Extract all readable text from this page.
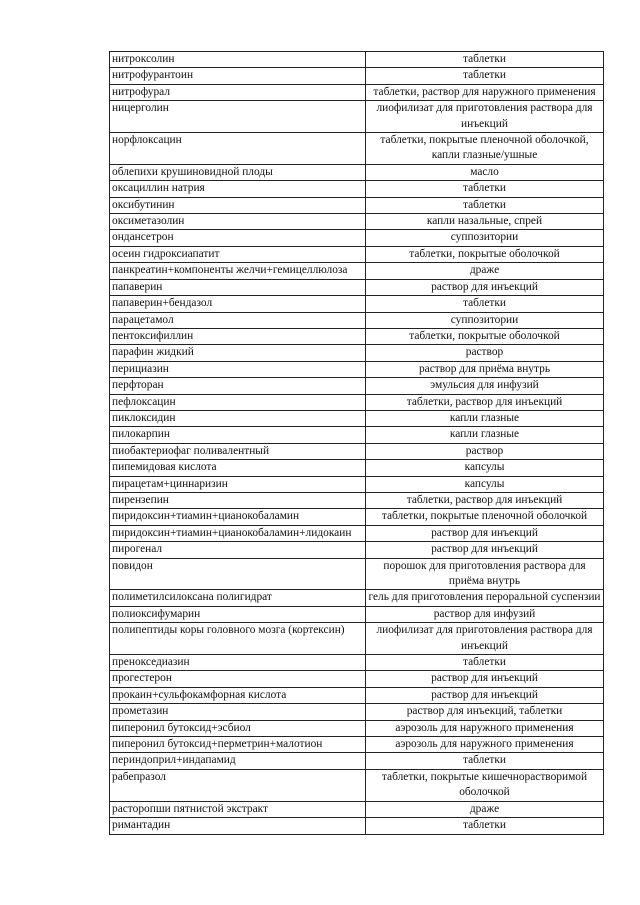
нитроксолин	таблетки
нитрофурантоин	таблетки
нитрофурал	таблетки, раствор для наружного применения
ницерголин	лиофилизат для приготовления раствора для инъекций
норфлоксацин	таблетки, покрытые пленочной оболочкой, капли глазные/ушные
облепихи крушиновидной плоды	масло
оксациллин натрия	таблетки
оксибутинин	таблетки
оксиметазолин	капли назальные, спрей
ондансетрон	суппозитории
осеин гидроксиапатит	таблетки, покрытые оболочкой
панкреатин+компоненты желчи+гемицеллюлоза	драже
папаверин	раствор для инъекций
папаверин+бендазол	таблетки
парацетамол	суппозитории
пентоксифиллин	таблетки, покрытые оболочкой
парафин жидкий	раствор
перициазин	раствор для приёма внутрь
перфторан	эмульсия для инфузий
пефлоксацин	таблетки, раствор для инъекций
пиклоксидин	капли глазные
пилокарпин	капли глазные
пиобактериофаг поливалентный	раствор
пипемидовая кислота	капсулы
пирацетам+циннаризин	капсулы
пирензепин	таблетки, раствор для инъекций
пиридоксин+тиамин+цианокобаламин	таблетки, покрытые пленочной оболочкой
пиридоксин+тиамин+цианокобаламин+лидокаин	раствор для инъекций
пирогенал	раствор для инъекций
повидон	порошок для приготовления раствора для приёма внутрь
полиметилсилоксана полигидрат	гель для приготовления пероральной суспензии
полиоксифумарин	раствор для инфузий
полипептиды коры головного мозга (кортексин)	лиофилизат для приготовления раствора для инъекций
пренокседиазин	таблетки
прогестерон	раствор для инъекций
прокаин+сульфокамфорная кислота	раствор для инъекций
прометазин	раствор для инъекций, таблетки
пиперонил бутоксид+эсбиол	аэрозоль для наружного применения
пиперонил бутоксид+перметрин+малотион	аэрозоль для наружного применения
периндоприл+индапамид	таблетки
рабепразол	таблетки, покрытые кишечнорастворимой оболочкой
расторопши пятнистой экстракт	драже
римантадин	таблетки
